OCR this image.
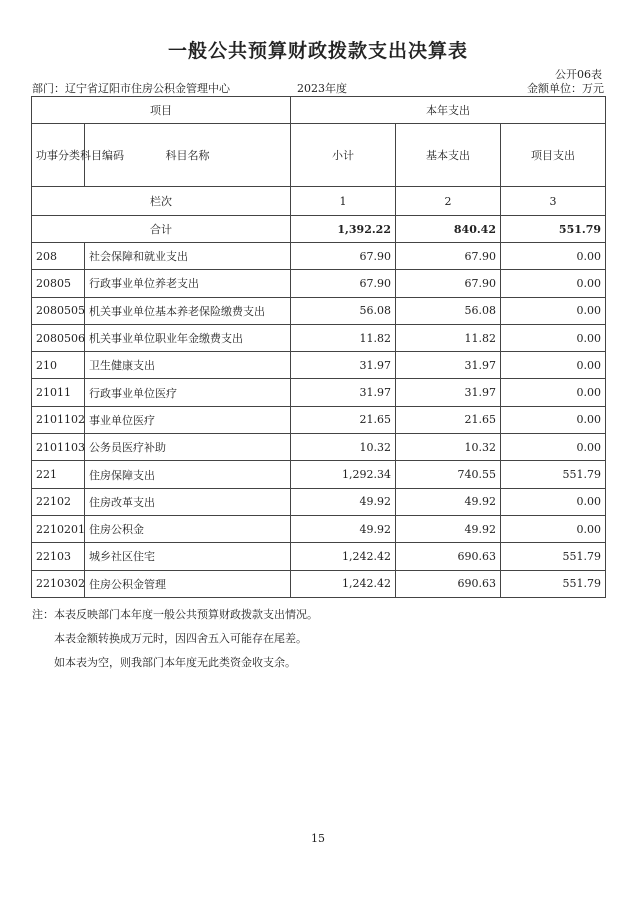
一般公共预算财政拨款支出决算表
公开06表
部门：辽宁省辽阳市住房公积金管理中心	2023年度	金额单位：万元
项目		本年支出		
功事分类科目编码	科目名称	小计	基本支出	项目支出
栏次		1	2	3
合计		1,392.22	840.42	551.79
208	社会保障和就业支出	67.90	67.90	0.00
20805	行政事业单位养老支出	67.90	67.90	0.00
2080505	机关事业单位基本养老保险缴费支出	56.08	56.08	0.00
2080506	机关事业单位职业年金缴费支出	11.82	11.82	0.00
210	卫生健康支出	31.97	31.97	0.00
21011	行政事业单位医疗	31.97	31.97	0.00
2101102	事业单位医疗	21.65	21.65	0.00
2101103	公务员医疗补助	10.32	10.32	0.00
221	住房保障支出	1,292.34	740.55	551.79
22102	住房改革支出	49.92	49.92	0.00
2210201	住房公积金	49.92	49.92	0.00
22103	城乡社区住宅	1,242.42	690.63	551.79
2210302	住房公积金管理	1,242.42	690.63	551.79
注：本表反映部门本年度一般公共预算财政拨款支出情况。
本表金额转换成万元时，因四舍五入可能存在尾差。
如本表为空，则我部门本年度无此类资金收支余。
15
